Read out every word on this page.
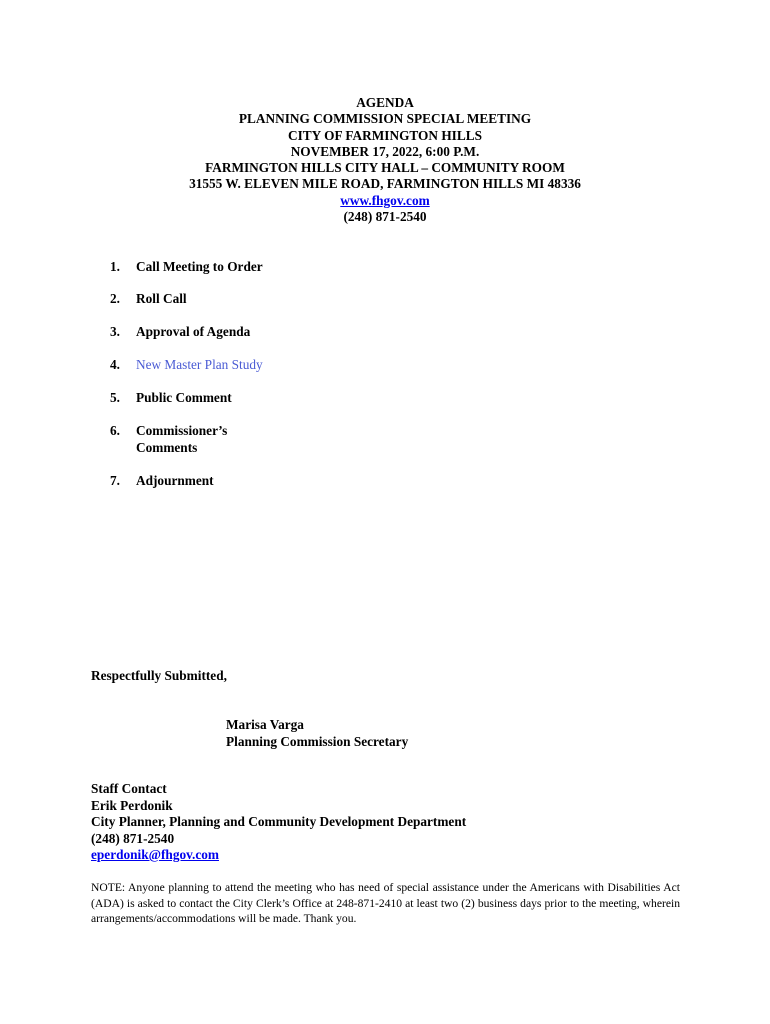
AGENDA
PLANNING COMMISSION SPECIAL MEETING
CITY OF FARMINGTON HILLS
NOVEMBER 17, 2022, 6:00 P.M.
FARMINGTON HILLS CITY HALL – COMMUNITY ROOM
31555 W. ELEVEN MILE ROAD, FARMINGTON HILLS MI 48336
www.fhgov.com
(248) 871-2540
1.	Call Meeting to Order
2.	Roll Call
3.	Approval of Agenda
4.	New Master Plan Study
5.	Public Comment
6.	Commissioner’s
Comments
7.	Adjournment
Respectfully Submitted,
Marisa Varga
Planning Commission Secretary
Staff Contact
Erik Perdonik
City Planner, Planning and Community Development Department
(248) 871-2540
eperdonik@fhgov.com
NOTE: Anyone planning to attend the meeting who has need of special assistance under the Americans with Disabilities Act (ADA) is asked to contact the City Clerk’s Office at 248-871-2410 at least two (2) business days prior to the meeting, wherein arrangements/accommodations will be made. Thank you.
